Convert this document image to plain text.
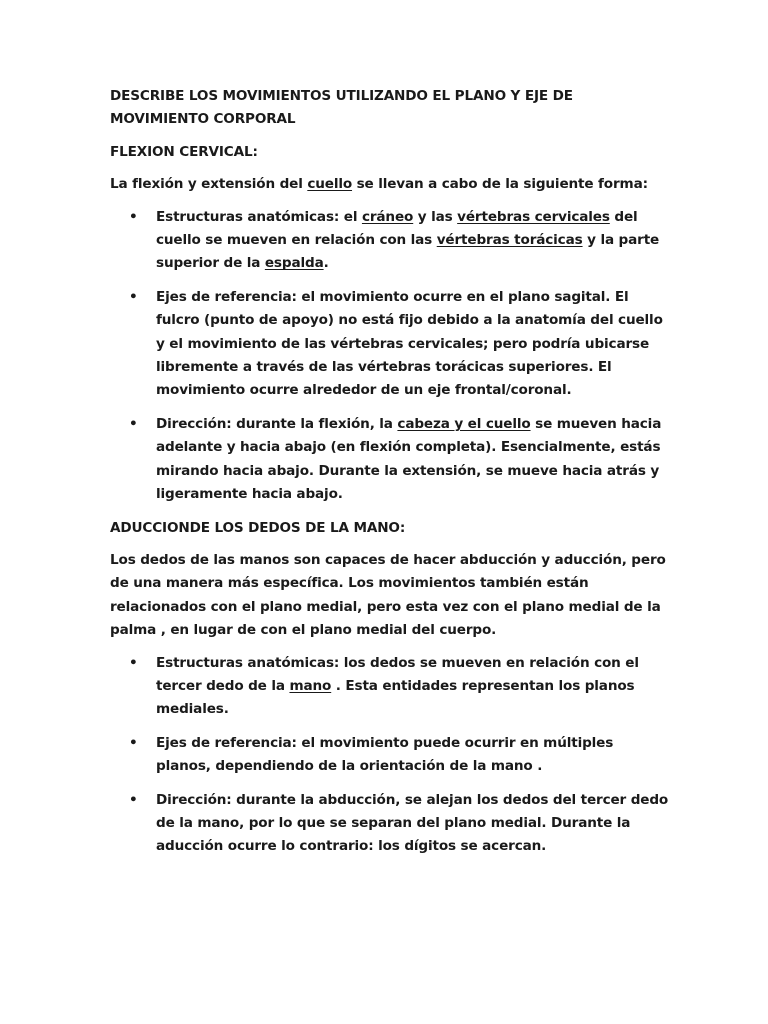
DESCRIBE LOS MOVIMIENTOS UTILIZANDO EL PLANO Y EJE DE MOVIMIENTO CORPORAL

FLEXION CERVICAL:

La flexión y extensión del cuello se llevan a cabo de la siguiente forma:

• Estructuras anatómicas: el cráneo y las vértebras cervicales del cuello se mueven en relación con las vértebras torácicas y la parte superior de la espalda.
• Ejes de referencia: el movimiento ocurre en el plano sagital. El fulcro (punto de apoyo) no está fijo debido a la anatomía del cuello y el movimiento de las vértebras cervicales; pero podría ubicarse libremente a través de las vértebras torácicas superiores. El movimiento ocurre alrededor de un eje frontal/coronal.
• Dirección: durante la flexión, la cabeza y el cuello se mueven hacia adelante y hacia abajo (en flexión completa). Esencialmente, estás mirando hacia abajo. Durante la extensión, se mueve hacia atrás y ligeramente hacia abajo.

ADUCCIONDE LOS DEDOS DE LA MANO:

Los dedos de las manos son capaces de hacer abducción y aducción, pero de una manera más específica. Los movimientos también están relacionados con el plano medial, pero esta vez con el plano medial de la palma , en lugar de con el plano medial del cuerpo.

• Estructuras anatómicas: los dedos se mueven en relación con el tercer dedo de la mano . Esta entidades representan los planos mediales.
• Ejes de referencia: el movimiento puede ocurrir en múltiples planos, dependiendo de la orientación de la mano .
• Dirección: durante la abducción, se alejan los dedos del tercer dedo de la mano, por lo que se separan del plano medial. Durante la aducción ocurre lo contrario: los dígitos se acercan.
